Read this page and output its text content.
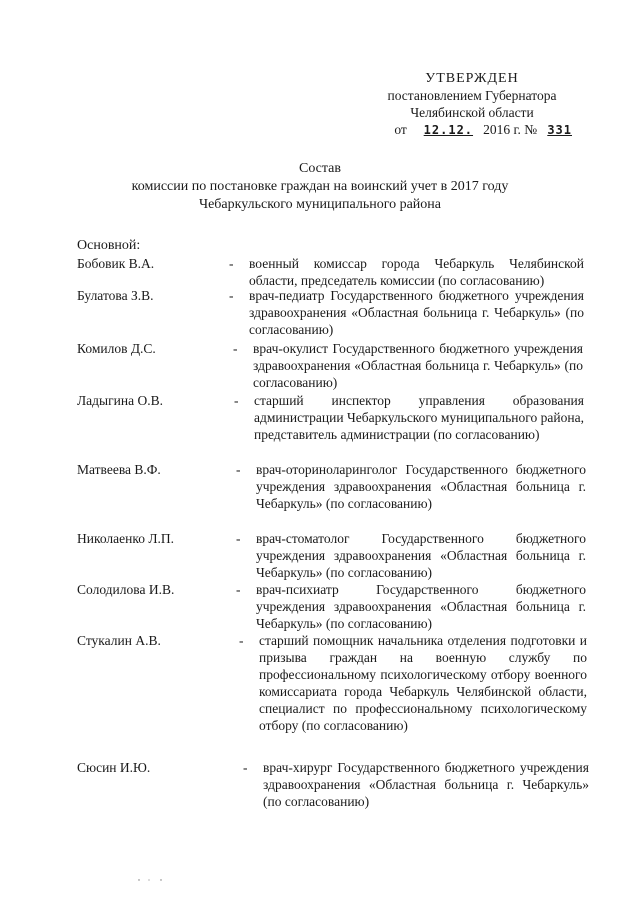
УТВЕРЖДЕН
постановлением Губернатора
Челябинской области
от 12.12. 2016 г. № 331
Состав
комиссии по постановке граждан на воинский учет в 2017 году
Чебаркульского муниципального района
Основной:
Бобовик В.А.	- военный комиссар города Чебаркуль Челябинской области, председатель комиссии (по согласованию)
Булатова З.В.	- врач-педиатр Государственного бюджетного учреждения здравоохранения «Областная больница г. Чебаркуль» (по согласованию)
Комилов Д.С.	- врач-окулист Государственного бюджетного учреждения здравоохранения «Областная больница г. Чебаркуль» (по согласованию)
Ладыгина О.В.	- старший инспектор управления образования администрации Чебаркульского муниципального района, представитель администрации (по согласованию)
Матвеева В.Ф.	- врач-оториноларинголог Государственного бюджетного учреждения здравоохранения «Областная больница г. Чебаркуль» (по согласованию)
Николаенко Л.П.	- врач-стоматолог Государственного бюджетного учреждения здравоохранения «Областная больница г. Чебаркуль» (по согласованию)
Солодилова И.В.	- врач-психиатр Государственного бюджетного учреждения здравоохранения «Областная больница г. Чебаркуль» (по согласованию)
Стукалин А.В.	- старший помощник начальника отделения подготовки и призыва граждан на военную службу по профессиональному психологическому отбору военного комиссариата города Чебаркуль Челябинской области, специалист по профессиональному психологическому отбору (по согласованию)
Сюсин И.Ю.	- врач-хирург Государственного бюджетного учреждения здравоохранения «Областная больница г. Чебаркуль» (по согласованию)
